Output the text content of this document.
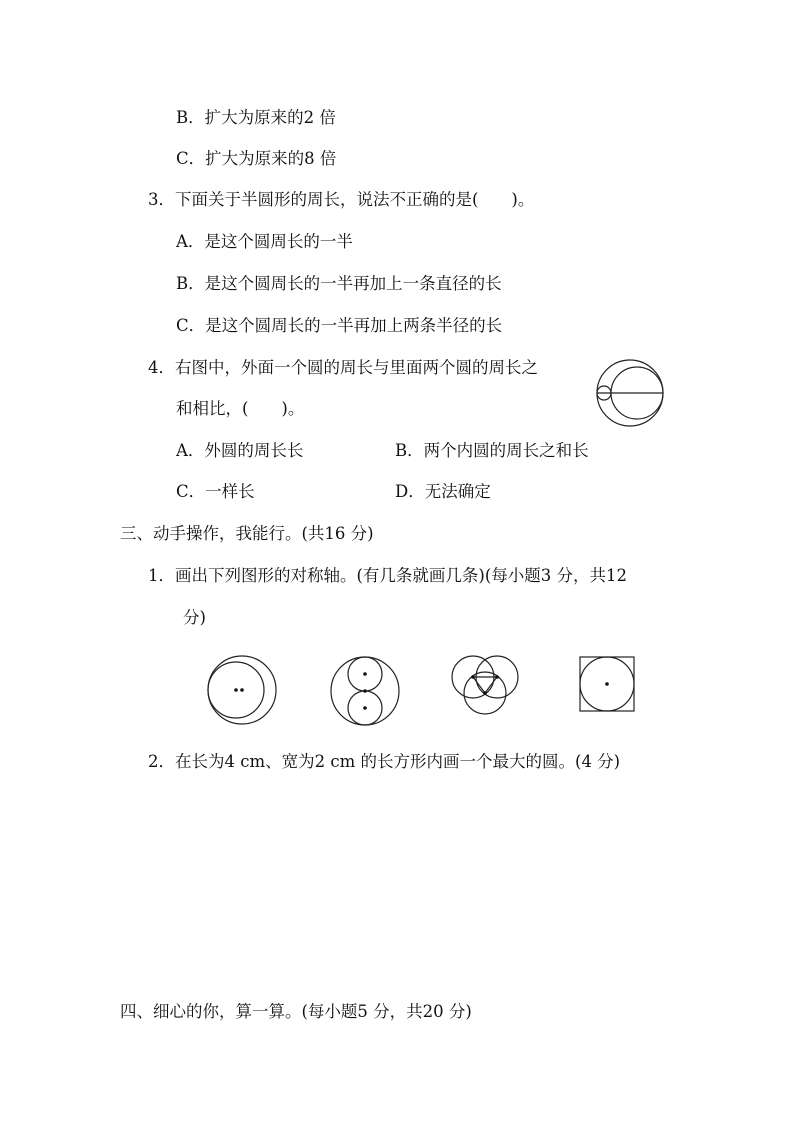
B．扩大为原来的2 倍
C．扩大为原来的8 倍
3．下面关于半圆形的周长，说法不正确的是(　　)。
A．是这个圆周长的一半
B．是这个圆周长的一半再加上一条直径的长
C．是这个圆周长的一半再加上两条半径的长
4．右图中，外面一个圆的周长与里面两个圆的周长之
和相比，(　　)。
A．外圆的周长长	B．两个内圆的周长之和长
C．一样长	D．无法确定
三、动手操作，我能行。(共16 分)
1．画出下列图形的对称轴。(有几条就画几条)(每小题3 分，共12
分)
2．在长为4 cm、宽为2 cm 的长方形内画一个最大的圆。(4 分)
四、细心的你，算一算。(每小题5 分，共20 分)
